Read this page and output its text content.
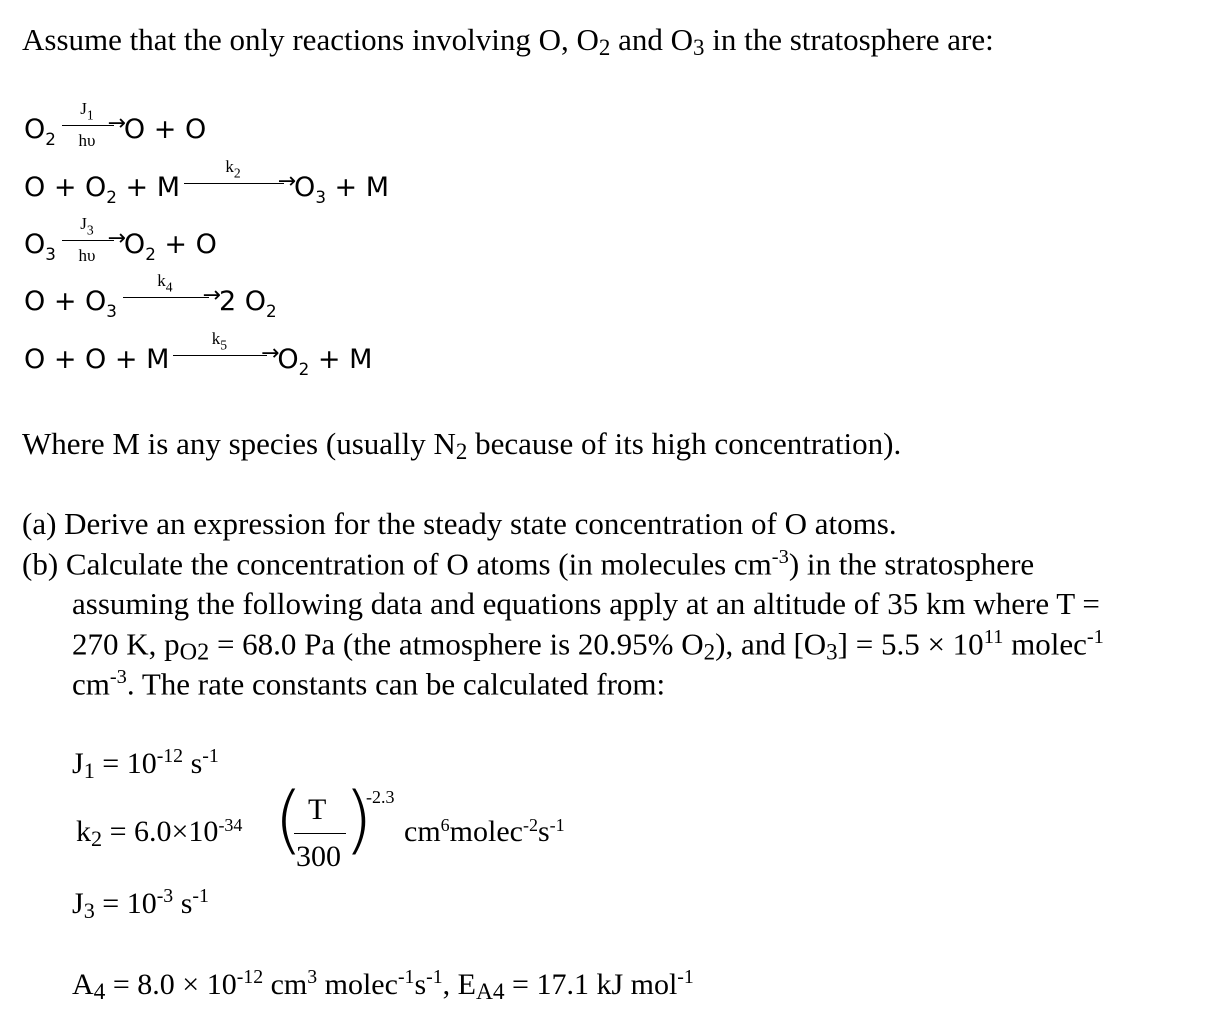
Assume that the only reactions involving O, $O_2$ and $O_3$ in the stratosphere are:
$O_2$
→
$J_1$
hυ	O + O
$O + O_2 + M$	→
$k_2$	$O_3 + M$
$O_3$
→
$J_3$
hυ	$O_2 + O$
$O + O_3$
→
$k_4$	2 $O_2$
O + O + M	→
$k_5$	$O_2 + M$
Where M is any species (usually $N_2$ because of its high concentration).
(a) Derive an expression for the steady state concentration of O atoms.
(b) Calculate the concentration of O atoms (in molecules $cm^{-3}$) in the stratosphere
assuming the following data and equations apply at an altitude of 35 km where T =
270 K, $p_{O2} = 68.0$ Pa (the atmosphere is 20.95% $O_2$), and $[O_3] = 5.5 \times 10^{11}$ molec$^{-1}$
$cm^{-3}$. The rate constants can be calculated from:
$J_1 = 10^{-12}$ $s^{-1}$
$k_2 = 6.0\times 10^{-34}$ ( T
300 )
-2.3
$cm^6molec^{-2}s^{-1}$
$J_3 = 10^{-3}$ $s^{-1}$
$A_4 = 8.0 \times 10^{-12}$ $cm^3$ $molec^{-1}s^{-1}$, $E_{A4} = 17.1$ kJ mol$^{-1}$
